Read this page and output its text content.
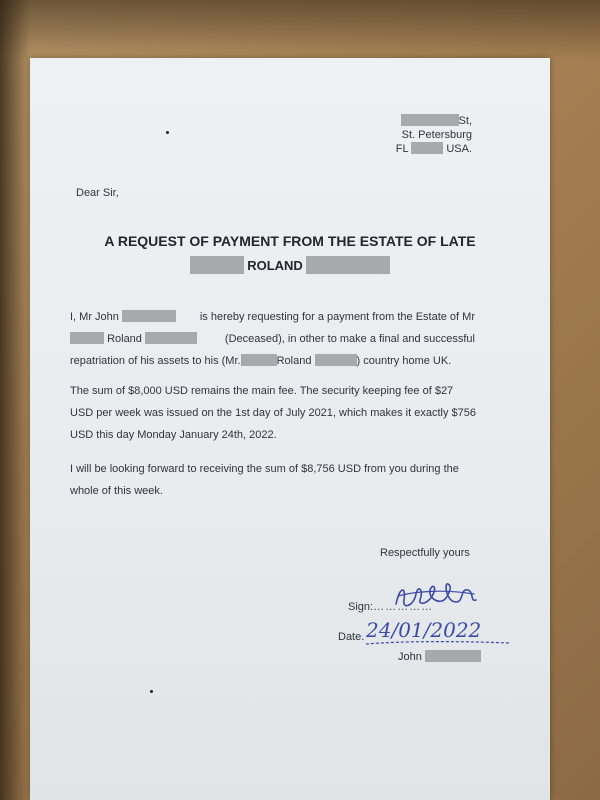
St,
St. Petersburg
FL	USA.
Dear Sir,
A REQUEST OF PAYMENT FROM THE ESTATE OF LATE
ROLAND
I, Mr John	is hereby requesting for a payment from the Estate of Mr
Roland	(Deceased), in other to make a final and successful
repatriation of his assets to his (Mr.	Roland	) country home UK.
The sum of $8,000 USD remains the main fee. The security keeping fee of $27
USD per week was issued on the 1st day of July 2021, which makes it exactly $756
USD this day Monday January 24th, 2022.
I will be looking forward to receiving the sum of $8,756 USD from you during the
whole of this week.
Respectfully yours
Sign:……………
Date. 24/01/2022
John
